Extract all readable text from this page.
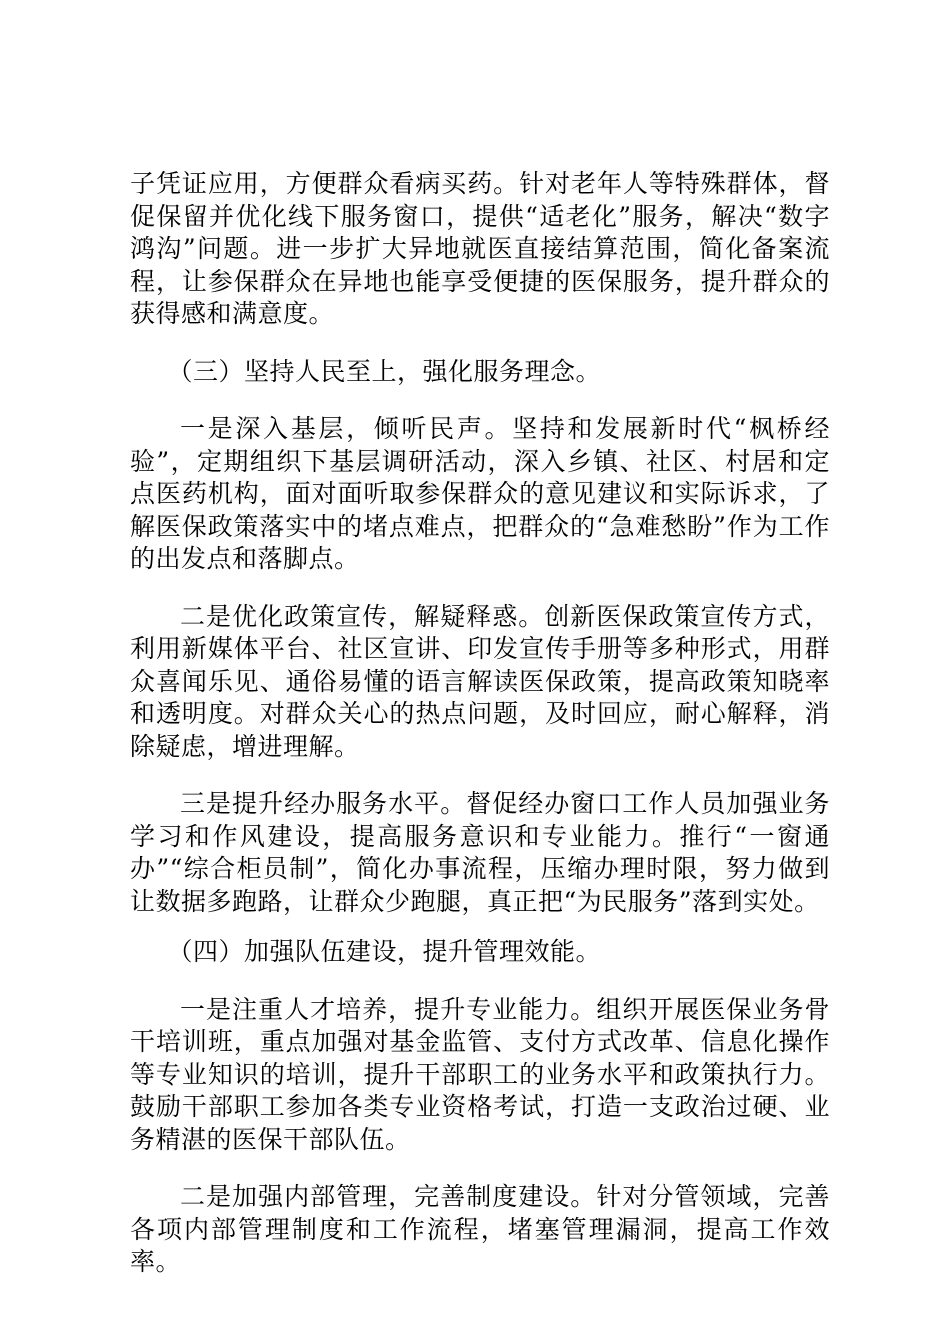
子凭证应用，方便群众看病买药。针对老年人等特殊群体，督促保留并优化线下服务窗口，提供“适老化”服务，解决“数字鸿沟”问题。进一步扩大异地就医直接结算范围，简化备案流程，让参保群众在异地也能享受便捷的医保服务，提升群众的获得感和满意度。

（三）坚持人民至上，强化服务理念。

一是深入基层，倾听民声。坚持和发展新时代“枫桥经验”，定期组织下基层调研活动，深入乡镇、社区、村居和定点医药机构，面对面听取参保群众的意见建议和实际诉求，了解医保政策落实中的堵点难点，把群众的“急难愁盼”作为工作的出发点和落脚点。

二是优化政策宣传，解疑释惑。创新医保政策宣传方式，利用新媒体平台、社区宣讲、印发宣传手册等多种形式，用群众喜闻乐见、通俗易懂的语言解读医保政策，提高政策知晓率和透明度。对群众关心的热点问题，及时回应，耐心解释，消除疑虑，增进理解。

三是提升经办服务水平。督促经办窗口工作人员加强业务学习和作风建设，提高服务意识和专业能力。推行“一窗通办”“综合柜员制”，简化办事流程，压缩办理时限，努力做到让数据多跑路，让群众少跑腿，真正把“为民服务”落到实处。

（四）加强队伍建设，提升管理效能。

一是注重人才培养，提升专业能力。组织开展医保业务骨干培训班，重点加强对基金监管、支付方式改革、信息化操作等专业知识的培训，提升干部职工的业务水平和政策执行力。鼓励干部职工参加各类专业资格考试，打造一支政治过硬、业务精湛的医保干部队伍。

二是加强内部管理，完善制度建设。针对分管领域，完善各项内部管理制度和工作流程，堵塞管理漏洞，提高工作效率。
